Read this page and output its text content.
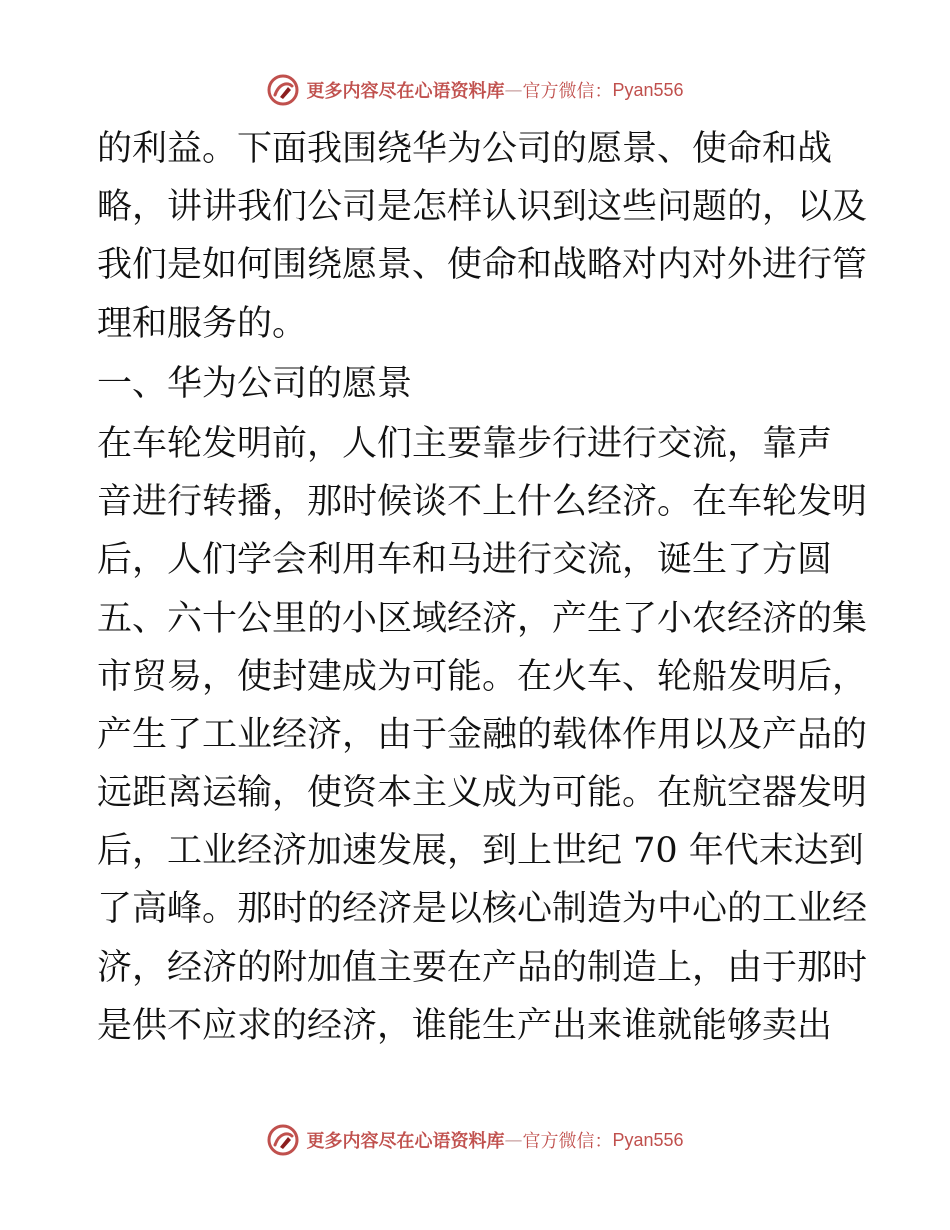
更多内容尽在心语资料库 — 官方微信： Pyan556
的利益。下面我围绕华为公司的愿景、使命和战
略，讲讲我们公司是怎样认识到这些问题的，以及
我们是如何围绕愿景、使命和战略对内对外进行管
理和服务的。
一、华为公司的愿景
在车轮发明前，人们主要靠步行进行交流，靠声
音进行转播，那时候谈不上什么经济。在车轮发明
后，人们学会利用车和马进行交流，诞生了方圆
五、六十公里的小区域经济，产生了小农经济的集
市贸易，使封建成为可能。在火车、轮船发明后，
产生了工业经济，由于金融的载体作用以及产品的
远距离运输，使资本主义成为可能。在航空器发明
后，工业经济加速发展，到上世纪 70 年代末达到
了高峰。那时的经济是以核心制造为中心的工业经
济，经济的附加值主要在产品的制造上，由于那时
是供不应求的经济，谁能生产出来谁就能够卖出
更多内容尽在心语资料库 — 官方微信： Pyan556
